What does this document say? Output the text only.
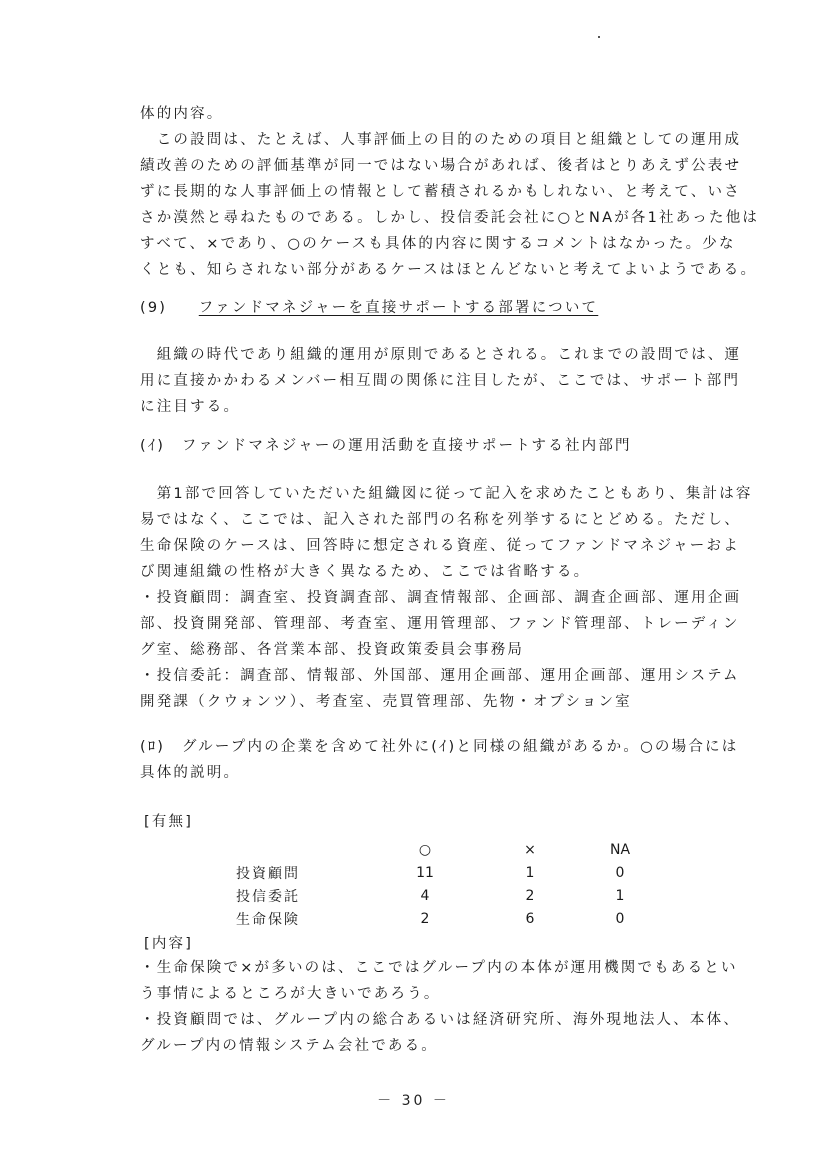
体的内容。
　この設問は、たとえば、人事評価上の目的のための項目と組織としての運用成
績改善のための評価基準が同一ではない場合があれば、後者はとりあえず公表せ
ずに長期的な人事評価上の情報として蓄積されるかもしれない、と考えて、いさ
さか漠然と尋ねたものである。しかし、投信委託会社に○とNAが各1社あった他は
すべて、×であり、○のケースも具体的内容に関するコメントはなかった。少な
くとも、知らされない部分があるケースはほとんどないと考えてよいようである。
(9) ファンドマネジャーを直接サポートする部署について
　組織の時代であり組織的運用が原則であるとされる。これまでの設問では、運
用に直接かかわるメンバー相互間の関係に注目したが、ここでは、サポート部門
に注目する。
(ｲ)　ファンドマネジャーの運用活動を直接サポートする社内部門
　第1部で回答していただいた組織図に従って記入を求めたこともあり、集計は容
易ではなく、ここでは、記入された部門の名称を列挙するにとどめる。ただし、
生命保険のケースは、回答時に想定される資産、従ってファンドマネジャーおよ
び関連組織の性格が大きく異なるため、ここでは省略する。
・投資顧問：調査室、投資調査部、調査情報部、企画部、調査企画部、運用企画
部、投資開発部、管理部、考査室、運用管理部、ファンド管理部、トレーディン
グ室、総務部、各営業本部、投資政策委員会事務局
・投信委託：調査部、情報部、外国部、運用企画部、運用企画部、運用システム
開発課（クウォンツ）、考査室、売買管理部、先物・オプション室
(ﾛ)　グループ内の企業を含めて社外に(ｲ)と同様の組織があるか。○の場合には
具体的説明。
[有無]
	○	×	NA
投資顧問	11	1	0
投信委託	4	2	1
生命保険	2	6	0
[内容]
・生命保険で×が多いのは、ここではグループ内の本体が運用機関でもあるとい
う事情によるところが大きいであろう。
・投資顧問では、グループ内の総合あるいは経済研究所、海外現地法人、本体、
グループ内の情報システム会社である。
－ 30 －
